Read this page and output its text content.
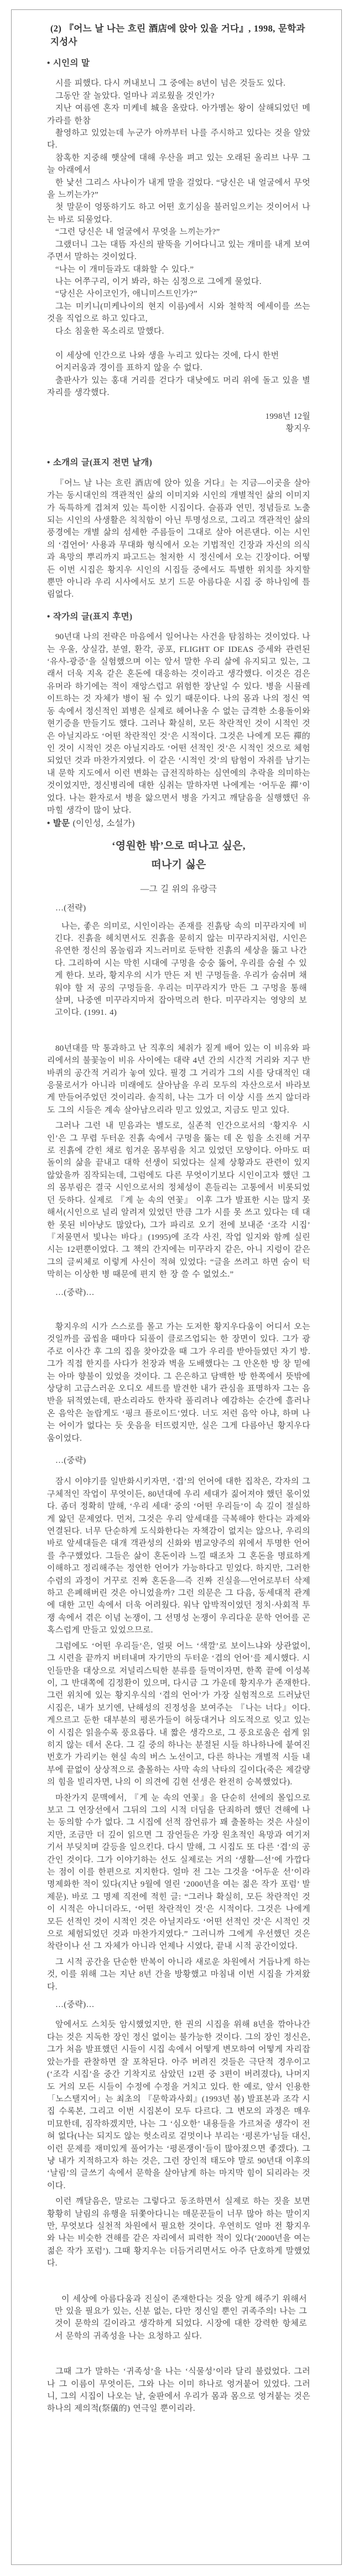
(2) 『어느 날 나는 흐린 酒店에 앉아 있을 거다』, 1998, 문학과지성사
• 시인의 말
시를 피했다. 다시 꺼내보니 그 중에는 8년이 넘은 것들도 있다.
그동안 잘 놀았다. 얼마나 괴로웠을 것인가?
지난 여름엔 혼자 미케네 城을 올랐다. 아가멤논 왕이 살해되었던 메가라를 한참
촬영하고 있었는데 누군가 아까부터 나를 주시하고 있다는 것을 알았다.
참혹한 지중해 햇살에 대해 우산을 펴고 있는 오래된 올리브 나무 그늘 아래에서
한 낯선 그리스 사나이가 내게 말을 걸었다. “당신은 내 얼굴에서 무엇을 느끼는가?”
첫 말문이 엉뚱하기도 하고 어떤 호기심을 불러일으키는 것이어서 나는 바로 되물었다.
“그런 당신은 내 얼굴에서 무엇을 느끼는가?”
그랬더니 그는 대뜸 자신의 팔뚝을 기어다니고 있는 개미를 내게 보여주면서 말하는 것이었다.
“나는 이 개미들과도 대화할 수 있다.”
나는 어쭈구리, 이거 봐라, 하는 심정으로 그에게 물었다.
“당신은 사이코인가, 애니미스트인가?”
그는 미키니(미케나이의 현지 이름)에서 시와 철학적 에세이를 쓰는 것을 직업으로 하고 있다고,
다소 침울한 목소리로 말했다.
이 세상에 인간으로 나와 생을 누리고 있다는 것에, 다시 한번
어지러움과 경이를 표하지 않을 수 없다.
출판사가 있는 홍대 거리를 걷다가 대낮에도 머리 위에 돌고 있을 별자리를 생각했다.
1998년 12월
황지우
• 소개의 글(표지 전면 날개)
『어느 날 나는 흐린 酒店에 앉아 있을 거다』는 지금—이곳을 살아가는 동시대인의 객관적인 삶의 이미지와 시인의 개별적인 삶의 이미지가 독특하게 겹쳐져 있는 특이한 시집이다. 슬픔과 연민, 정념들로 노출되는 시인의 사생활은 칙칙함이 아닌 투명성으로, 그리고 객관적인 삶의 풍경에는 개별 삶의 섬세한 주름들이 그대로 살아 어른댄다. 이는 시인의 ‘겹언어’ 사용과 무대화 형식에서 오는 기법적인 긴장과 자신의 의식과 욕망의 뿌리까지 파고드는 철저한 시 정신에서 오는 긴장이다. 어떻든 이번 시집은 황지우 시인의 시집들 중에서도 특별한 위치를 차지할 뿐만 아니라 우리 시사에서도 보기 드문 아름다운 시집 중 하나임에 틀림없다.
• 작가의 글(표지 후면)
90년대 나의 전략은 마음에서 일어나는 사건을 탐침하는 것이었다. 나는 우울, 상실감, 분열, 환각, 공포, FLIGHT OF IDEAS 증세와 관련된 ‘유사-광증’을 실험했으며 이는 앞서 말한 우리 삶에 유지되고 있는, 그래서 더욱 지옥 같은 혼돈에 대응하는 것이라고 생각했다. 이것은 검은 유머라 하기에는 적이 재앙스럽고 위험한 장난일 수 있다. 병을 시뮬레이트하는 것 자체가 병이 될 수 있기 때문이다. 나의 몸과 나의 정신 역동 속에서 정신적인 꾀병은 실제로 헤어나올 수 없는 급격한 소용돌이와 현기증을 만들기도 했다. 그러나 확실히, 모든 착란적인 것이 시적인 것은 아닐지라도 ‘어떤 착란적인 것’은 시적이다. 그것은 나에게 모든 禪的인 것이 시적인 것은 아닐지라도 ‘어떤 선적인 것’은 시적인 것으로 체험되었던 것과 마찬가지였다. 이 같은 ‘시적인 것’의 탐험이 자취를 남기는 내 문학 지도에서 이런 변화는 급전직하하는 심연에의 추락을 의미하는 것이었지만, 정신병리에 대한 심취는 말하자면 나에게는 ‘어두운 禪’이었다. 나는 환자로서 병을 앓으면서 병을 가지고 깨달음을 실행했던 유마힐 생각이 많이 났다.
• 발문 (이인성, 소설가)
‘영원한 밖’으로 떠나고 싶은,
떠나기 싫은
—그 길 위의 유랑극
…(전략)
나는, 좋은 의미로, 시인이라는 존재를 진흙탕 속의 미꾸라지에 비긴다. 진흙을 헤치면서도 진흙을 묻히지 않는 미꾸라지처럼, 시인은 유연한 정신의 몸놀림과 지느러미로 둔탁한 진흙의 세상을 뚫고 나간다. 그리하여 시는 막힌 시대에 구멍을 숭숭 뚫어, 우리를 숨쉴 수 있게 한다. 보라, 황지우의 시가 만든 저 빈 구멍들을. 우리가 숨쉬며 채워야 할 저 공의 구멍들을. 우리는 미꾸라지가 만든 그 구멍을 통해 살며, 나중엔 미꾸라지마저 잡아먹으려 한다. 미꾸라지는 영양의 보고이다. (1991. 4)
80년대를 막 통과하고 난 직후의 체취가 짙게 배어 있는 이 비유와 파리에서의 불꽃놀이 비유 사이에는 대략 4년 간의 시간적 거리와 지구 반바퀴의 공간적 거리가 놓여 있다. 필경 그 거리가 그의 시를 당대적인 대응물로서가 아니라 미래에도 살아남을 우리 모두의 자산으로서 바라보게 만들어주었던 것이리라. 솔직히, 나는 그가 더 이상 시를 쓰지 않더라도 그의 시들은 계속 살아남으리라 믿고 있었고, 지금도 믿고 있다.
그러나 그런 내 믿음과는 별도로, 실존적 인간으로서의 ‘황지우 시인’은 그 무렵 두터운 진흙 속에서 구멍을 뚫는 데 온 힘을 소진해 거꾸로 진흙에 갇힌 채로 힘겨운 몸부림을 치고 있었던 모양이다. 아마도 떠돌이의 삶을 끝내고 대학 선생이 되었다는 실제 상황과도 관련이 있지 않았을까 짐작되는데, 그럼에도 다른 무엇이기보다 시인이고자 했던 그의 몸부림은 결국 시인으로서의 정체성이 흔들리는 고통에서 비롯되었던 듯하다. 실제로 『게 눈 속의 연꽃』 이후 그가 발표한 시는 많지 못해서(시인으로 널리 알려져 있었던 만큼 그가 시를 못 쓰고 있다는 데 대한 못된 비아냥도 많았다), 그가 파리로 오기 전에 보내준 ‘조각 시집’ 『저물면서 빛나는 바다』(1995)에 조각 사진, 작업 일지와 함께 실린 시는 12편뿐이었다. 그 책의 간지에는 미꾸라지 같은, 아니 지렁이 같은 그의 글씨체로 이렇게 사신이 적혀 있었다: “글을 쓰려고 하면 숨이 턱 막히는 이상한 병 때문에 편지 한 장 쓸 수 없었소.”
…(중략)…
황지우의 시가 스스로를 몰고 가는 도저한 황지우다움이 어디서 오는 것일까를 곱씹을 때마다 되풀이 클로즈업되는 한 장면이 있다. 그가 광주로 이사간 후 그의 집을 찾아갔을 때 그가 우리를 받아들였던 자기 방. 그가 직접 한지를 사다가 천장과 벽을 도배했다는 그 안온한 방 창 밑에는 아마 향불이 있었을 것이다. 그 은은하고 담백한 방 한쪽에서 뜻밖에 상당히 고급스러운 오디오 세트를 발견한 내가 관심을 표명하자 그는 음반을 뒤적였는데, 판소리라도 한자락 풀리려나 예감하는 순간에 흘러나온 음악은 놀랍게도 ‘핑크 플로이드’였다. 너도 저런 음악 아냐, 하며 나는 어이가 없다는 듯 웃음을 터뜨렸지만, 실은 그게 다름아닌 황지우다움이었다.
…(중략)
잠시 이야기를 일반화시키자면, ‘겹’의 언어에 대한 집착은, 각자의 그 구체적인 작업이 무엇이든, 80년대에 우리 세대가 짊어져야 했던 몫이었다. 좀더 정확히 말해, ‘우리 세대’ 중의 ‘어떤 우리들’이 속 깊이 절실하게 앓던 문제였다. 먼저, 그것은 우리 앞세대를 극복해야 한다는 과제와 연결된다. 너무 단순하게 도식화한다는 자책감이 없지는 않으나, 우리의 바로 앞세대들은 대개 객관성의 신화와 범교양주의 위에서 투명한 언어를 추구했었다. 그들은 삶이 혼돈이라 느낄 때조차 그 혼돈을 명료하게 이해하고 정리해주는 정연한 언어가 가능하다고 믿었다. 하지만, 그러한 수렴의 과정이 거꾸로 진짜 혼돈을—즉 진짜 진실을—언어로부터 삭제하고 은폐해버린 것은 아니었을까? 그런 의문은 그 다음, 동세대적 관계에 대한 고민 속에서 더욱 어려웠다. 워낙 압박적이었던 정치·사회적 투쟁 속에서 겪은 이념 논쟁이, 그 선명성 논쟁이 우리다운 문학 언어를 곤혹스럽게 만들고 있었으므로.
그럼에도 ‘어떤 우리들’은, 얼핏 어느 ‘색깔’로 보이느냐와 상관없이, 그 시련을 끝까지 버텨내며 자기만의 두터운 ‘겹의 언어’를 제시했다. 시인들만을 대상으로 저널리스틱한 분류를 들먹이자면, 한쪽 끝에 이성복이, 그 반대쪽에 김정환이 있으며, 다시금 그 가운데 황지우가 존재한다. 그런 위치에 있는 황지우식의 ‘겹의 언어’가 가장 실험적으로 드러났던 시집은, 내가 보기엔, 난해성의 진정성을 보여주는 『나는 너다』이다. 게으르고 둔한 대부분의 평론가들이 허둥대거나 의도적으로 잊고 있는 이 시집은 읽을수록 풍요롭다. 내 짧은 생각으로, 그 풍요로움은 쉽게 읽히지 않는 데서 온다. 그 길 중의 하나는 분절된 시들 하나하나에 붙여진 번호가 가리키는 현실 속의 버스 노선이고, 다른 하나는 개별적 시들 내부에 끝없이 상상적으로 출몰하는 사막 속의 낙타의 길이다(죽은 제갈량의 힘을 빌리자면, 나의 이 의견에 김현 선생은 완전히 승복했었다).
마찬가지 문맥에서, 『게 눈 속의 연꽃』을 단순히 선에의 몰입으로 보고 그 연장선에서 그뒤의 그의 시적 더딤을 단죄하려 했던 견해에 나는 동의할 수가 없다. 그 시집에 선적 잠언류가 꽤 출몰하는 것은 사실이지만, 조금만 더 깊이 읽으면 그 잠언들은 가장 원초적인 욕망과 여기저기서 부딪치며 갈등을 일으킨다. 다시 말해, 그 시집도 또 다른 ‘겹’의 공간인 것이다. 그가 이야기하는 선도 실제로는 거의 ‘생활—선’에 가깝다는 점이 이를 한편으로 지지한다. 얼마 전 그는 그것을 ‘어두운 선’이라 명제화한 적이 있다(지난 9월에 열린 ‘2000년을 여는 젊은 작가 포럼’ 발제문). 바로 그 명제 직전에 적힌 글: “그러나 확실히, 모든 착란적인 것이 시적은 아니더라도, ‘어떤 착란적인 것’은 시적이다. 그것은 나에게 모든 선적인 것이 시적인 것은 아닐지라도 ‘어떤 선적인 것’은 시적인 것으로 체험되었던 것과 마찬가지였다.” 그러니까 그에게 우선했던 것은 착란이나 선 그 자체가 아니라 언제나 시였다, 끝내 시적 공간이었다.
그 시적 공간을 단순한 반복이 아니라 새로운 차원에서 거듭나게 하는 것, 이를 위해 그는 지난 8년 간을 방황했고 마침내 이번 시집을 가져왔다.
…(중략)…
앞에서도 스치듯 암시했었지만, 한 권의 시집을 위해 8년을 깎아나간다는 것은 지독한 장인 정신 없이는 불가능한 것이다. 그의 장인 정신은, 그가 처음 발표했던 시들이 시집 속에서 어떻게 변모하여 어떻게 자리잡았는가를 관찰하면 잘 포착된다. 아주 버려진 것들은 극단적 경우이고(‘조각 시집’을 중간 기착지로 삼았던 12편 중 3편이 버려졌다), 나머지도 거의 모든 시들이 수정에 수정을 거치고 있다. 한 예로, 앞서 인용한 「노스탤지어」는 최초의 『문학과사회』(1993년 봄) 발표본과 조각 시집 수록본, 그리고 이번 시집본이 모두 다르다. 그 변모의 과정은 매우 미묘한데, 짐작하겠지만, 나는 그 ‘심오한’ 내용들을 가르쳐줄 생각이 전혀 없다(나는 되지도 않는 헛소리로 겉멋이나 부리는 ‘평론가’님들 대신, 이런 문제를 재미있게 풀어가는 ‘평론쟁이’들이 많아졌으면 좋겠다). 그냥 내가 지적하고자 하는 것은, 그런 장인적 태도야 말로 90년대 이후의 ‘날림’의 글쓰기 속에서 문학을 살아남게 하는 마지막 힘이 되리라는 것이다.
이런 깨달음은, 말로는 그렇다고 동조하면서 실제로 하는 짓을 보면 황황히 날림의 유행을 뒤쫓아다니는 매문꾼들이 너무 많아 하는 말이지만, 무엇보다 실천적 차원에서 필요한 것이다. 우연히도 얼마 전 황지우와 나는 비슷한 견해를 같은 자리에서 피력한 적이 있다(‘2000년을 여는 젊은 작가 포럼’). 그때 황지우는 더듬거리면서도 아주 단호하게 말했었다.
이 세상에 아름다움과 진실이 존재한다는 것을 알게 해주기 위해서만 있을 필요가 있는, 신분 없는, 다만 정신일 뿐인 귀족주의! 나는 그것이 문학의 길이라고 생각하게 되었다. 시장에 대한 강력한 항체로서 문학의 귀족성을 나는 요청하고 싶다.
그때 그가 말하는 ‘귀족성’을 나는 ‘식물성’이라 달리 불렀었다. 그러나 그 이름이 무엇이든, 그와 나는 이미 하나로 엉겨붙어 있었다. 그러니, 그의 시집이 나오는 날, 술판에서 우리가 몸과 몸으로 엉겨붙는 것은 하나의 제의적(祭儀的) 연극일 뿐이리라.
